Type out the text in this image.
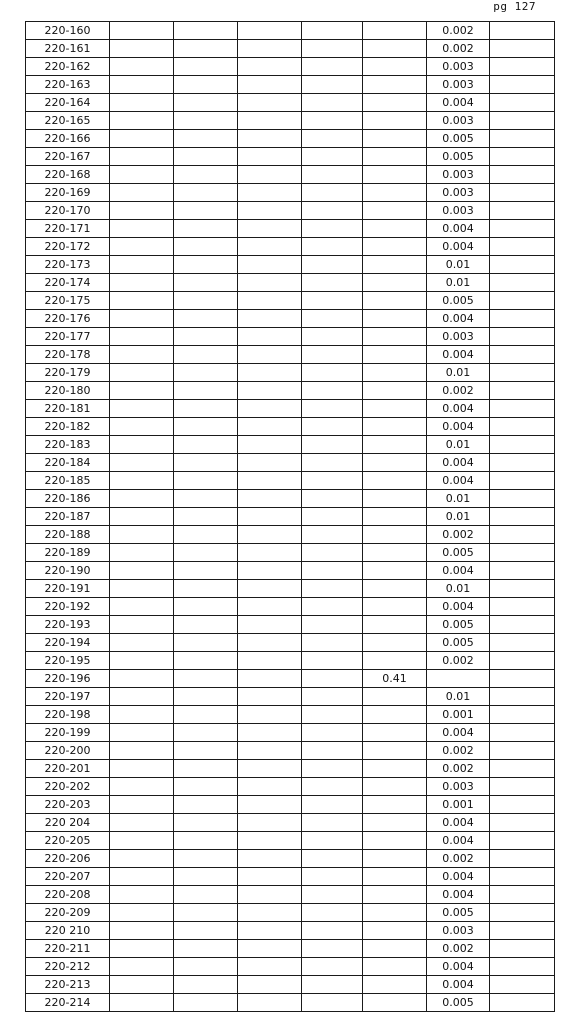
pg 127
220-160						0.002	
220-161						0.002	
220-162						0.003	
220-163						0.003	
220-164						0.004	
220-165						0.003	
220-166						0.005	
220-167						0.005	
220-168						0.003	
220-169						0.003	
220-170						0.003	
220-171						0.004	
220-172						0.004	
220-173						0.01	
220-174						0.01	
220-175						0.005	
220-176						0.004	
220-177						0.003	
220-178						0.004	
220-179						0.01	
220-180						0.002	
220-181						0.004	
220-182						0.004	
220-183						0.01	
220-184						0.004	
220-185						0.004	
220-186						0.01	
220-187						0.01	
220-188						0.002	
220-189						0.005	
220-190						0.004	
220-191						0.01	
220-192						0.004	
220-193						0.005	
220-194						0.005	
220-195						0.002	
220-196					0.41		
220-197						0.01	
220-198						0.001	
220-199						0.004	
220-200						0.002	
220-201						0.002	
220-202						0.003	
220-203						0.001	
220 204						0.004	
220-205						0.004	
220-206						0.002	
220-207						0.004	
220-208						0.004	
220-209						0.005	
220 210						0.003	
220-211						0.002	
220-212						0.004	
220-213						0.004	
220-214						0.005	
